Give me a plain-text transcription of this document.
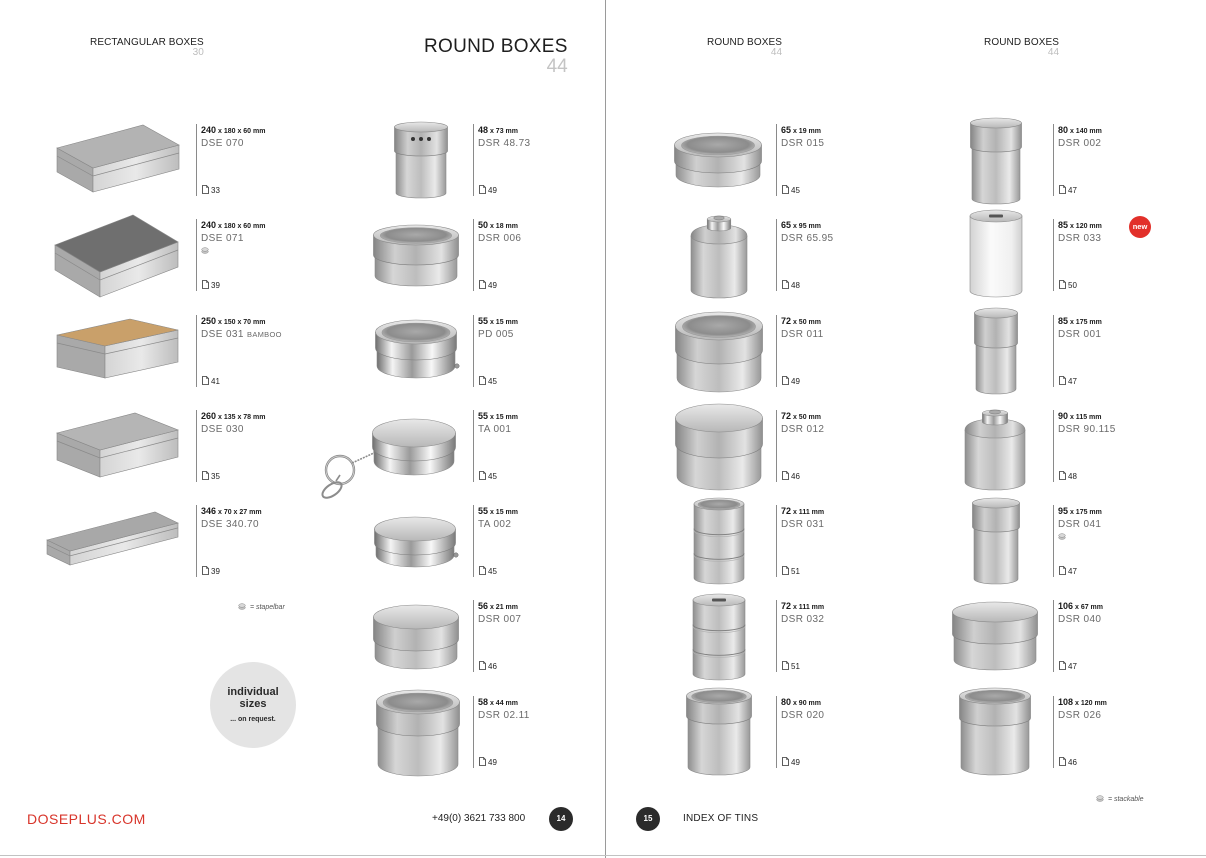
RECTANGULAR BOXES
30	ROUND BOXES
44
ROUND BOXES
44
ROUND BOXES
44
240 x 180 x 60 mm
DSE 070
33
240 x 180 x 60 mm
DSE 071
39
250 x 150 x 70 mm
DSE 031 BAMBOO
41
260 x 135 x 78 mm
DSE 030
35
346 x 70 x 27 mm
DSE 340.70
39
48 x 73 mm
DSR 48.73
49
50 x 18 mm
DSR 006
49
55 x 15 mm
PD 005
45
55 x 15 mm
TA 001
45
55 x 15 mm
TA 002
45
56 x 21 mm
DSR 007
46
58 x 44 mm
DSR 02.11
49
65 x 19 mm
DSR 015
45
65 x 95 mm
DSR 65.95
48
72 x 50 mm
DSR 011
49
72 x 50 mm
DSR 012
46
72 x 111 mm
DSR 031
51
72 x 111 mm
DSR 032
51
80 x 90 mm
DSR 020
49
80 x 140 mm
DSR 002
47
85 x 120 mm
DSR 033
50
new
85 x 175 mm
DSR 001
47
90 x 115 mm
DSR 90.115
48
95 x 175 mm
DSR 041
47
106 x 67 mm
DSR 040
47
108 x 120 mm
DSR 026
46
= stapelbar
= stackable
individual
sizes
... on request.
DOSEPLUS.COM	+49(0) 3621 733 800	14	15	INDEX OF TINS
